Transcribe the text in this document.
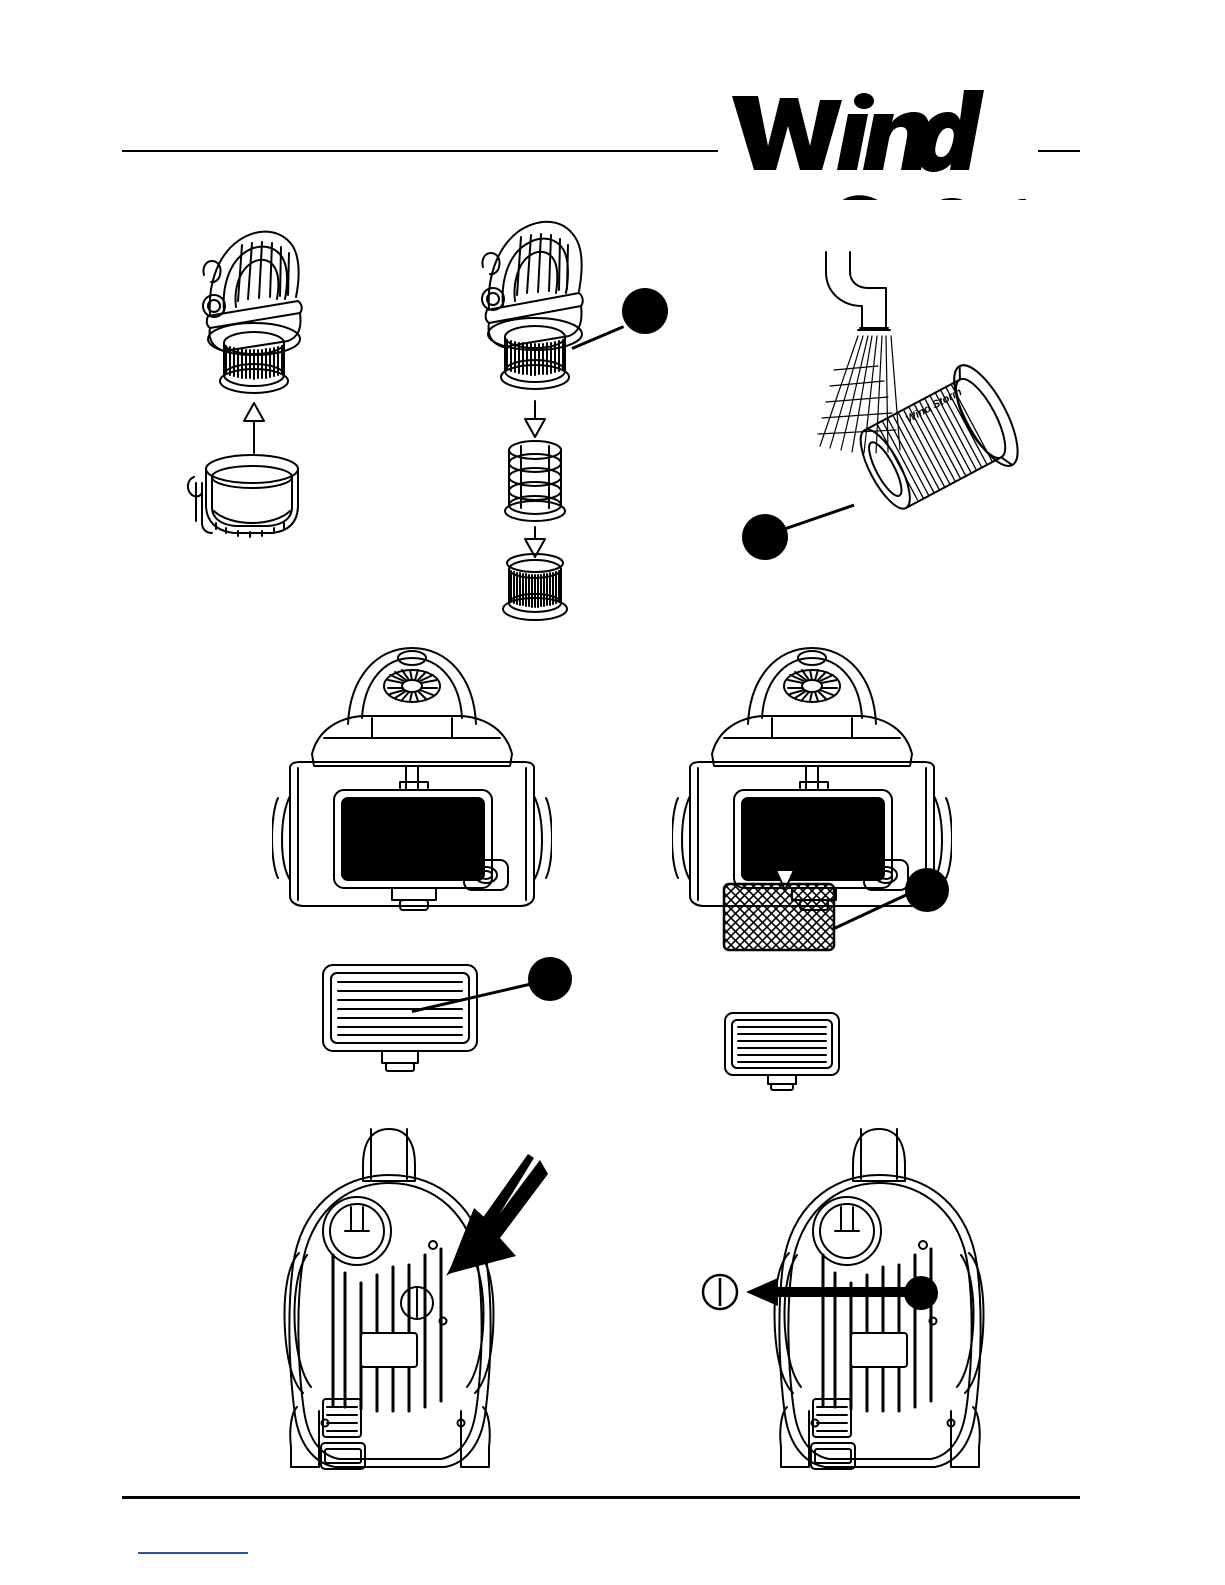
Wind Storm
